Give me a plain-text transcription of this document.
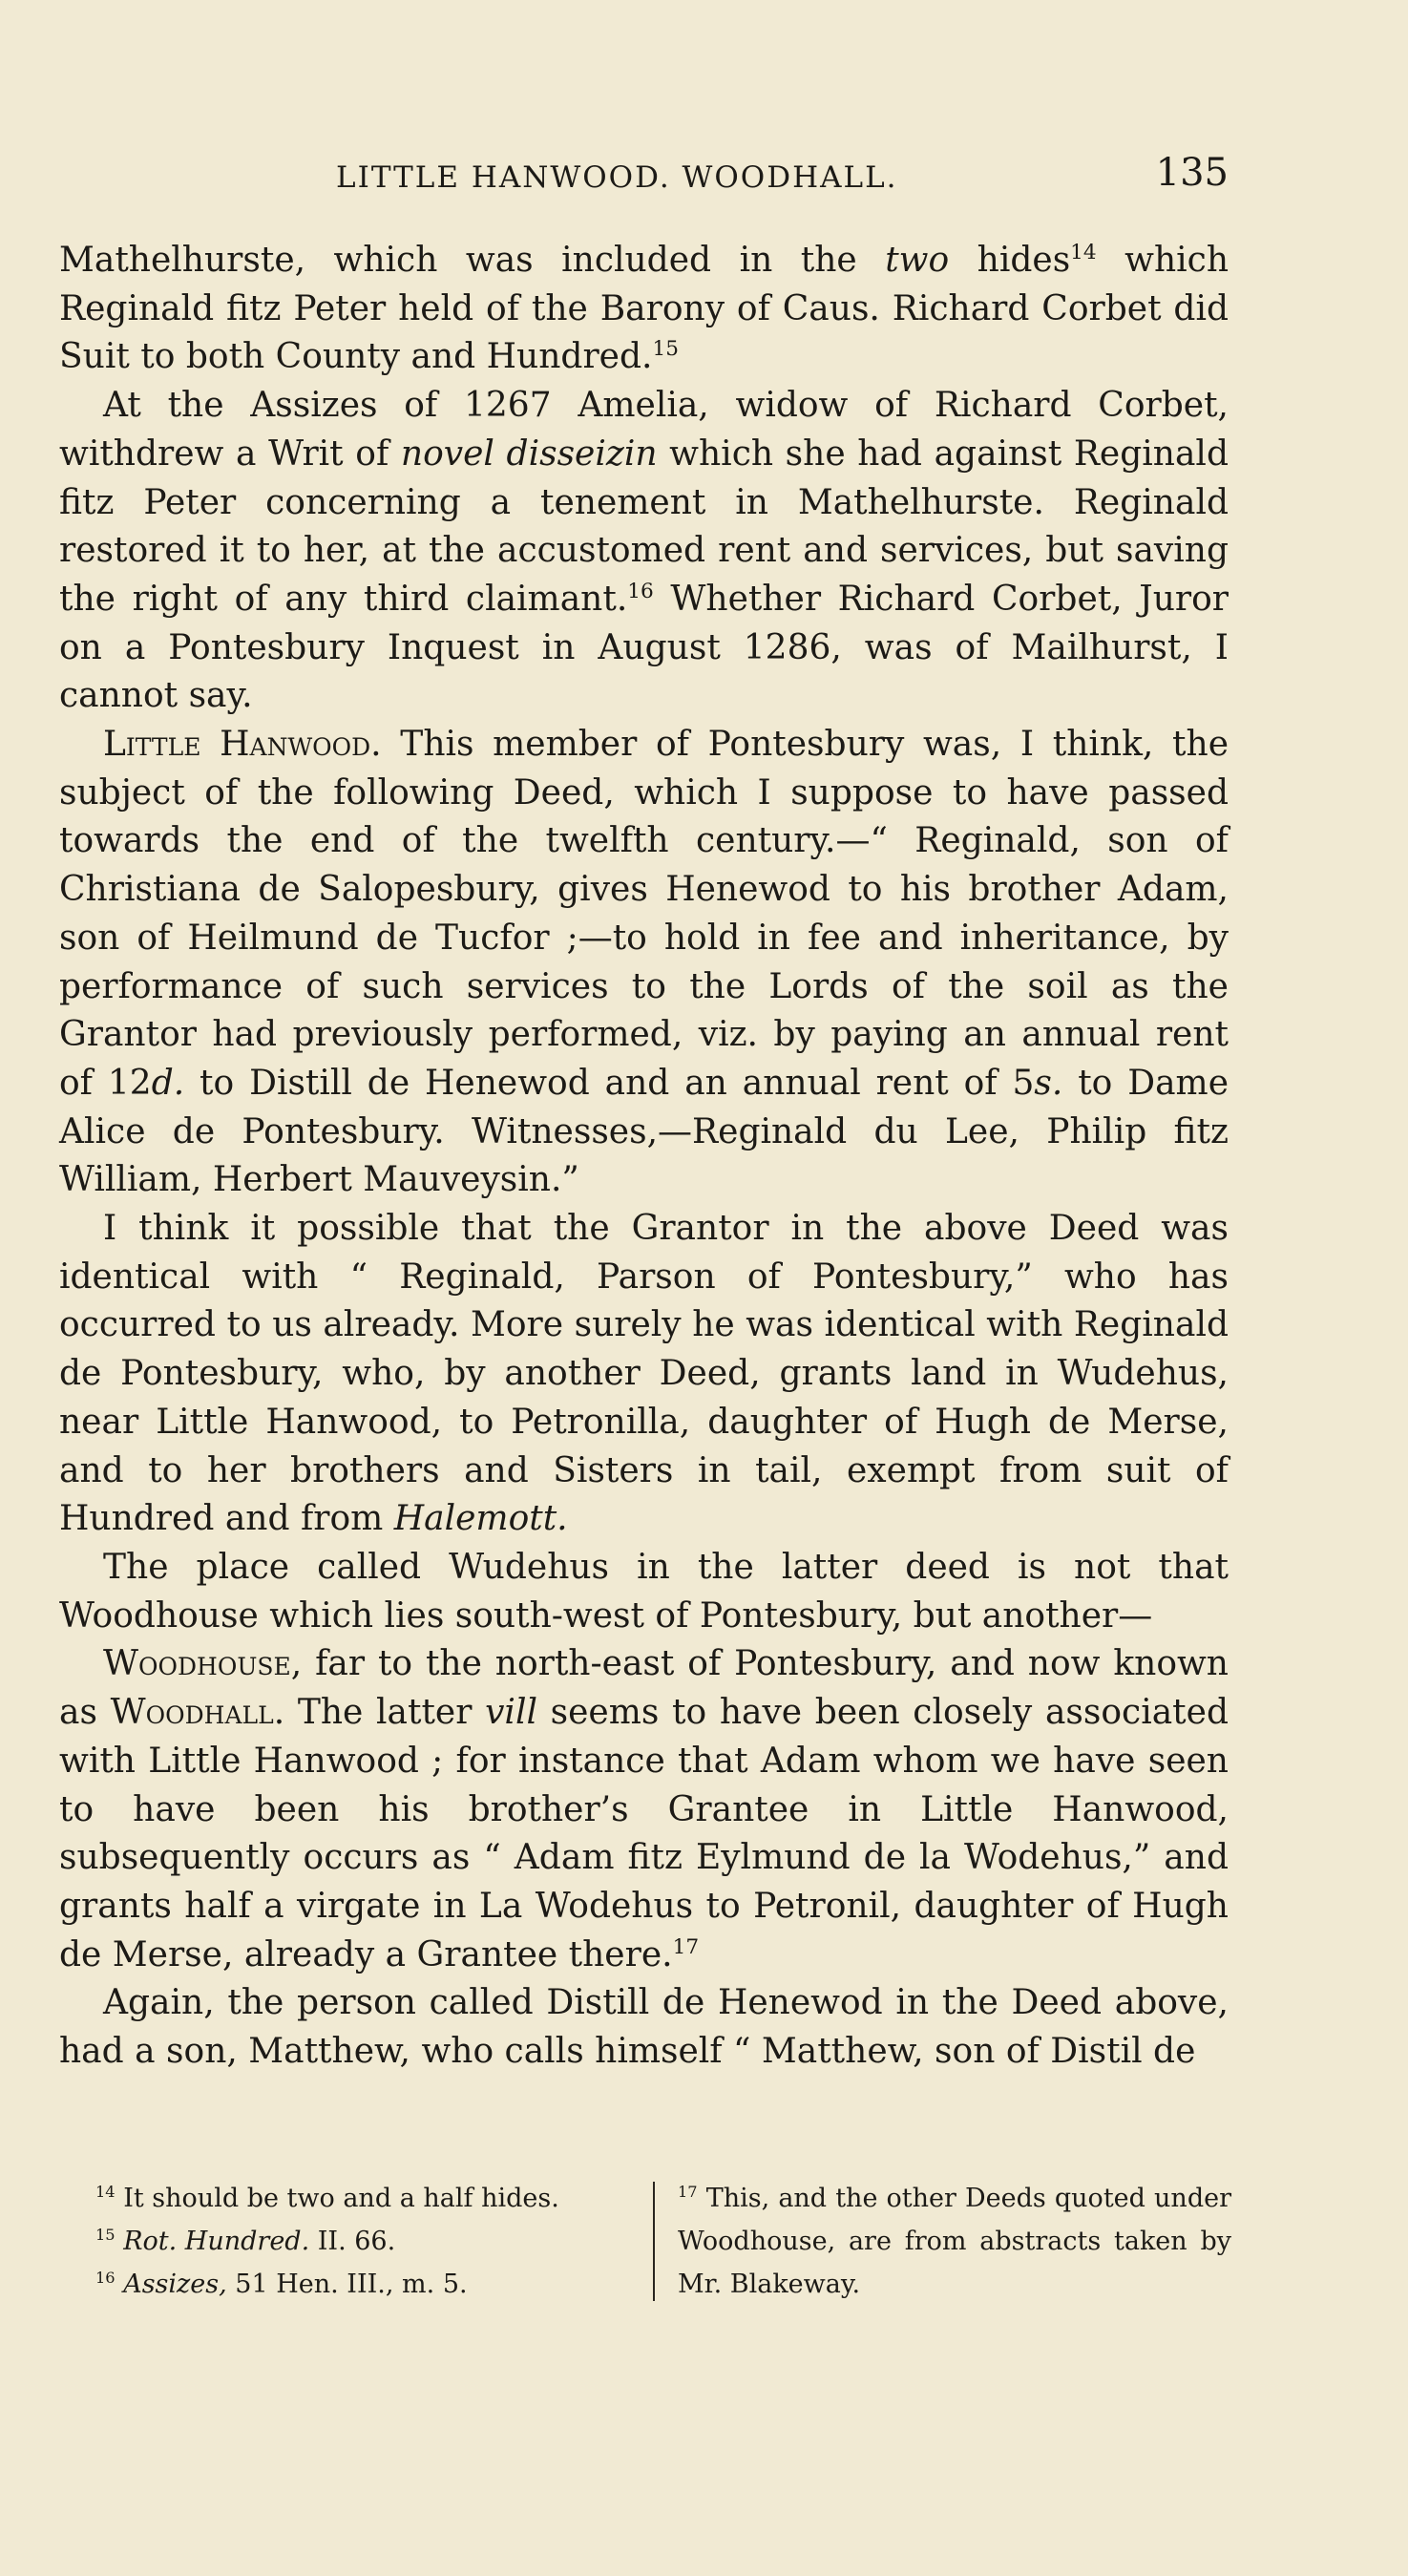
LITTLE HANWOOD. WOODHALL.	135

Mathelhurste, which was included in the two hides$^{14}$ which Reginald fitz Peter held of the Barony of Caus. Richard Corbet did Suit to both County and Hundred.$^{15}$

At the Assizes of 1267 Amelia, widow of Richard Corbet, withdrew a Writ of novel disseizin which she had against Reginald fitz Peter concerning a tenement in Mathelhurste. Reginald restored it to her, at the accustomed rent and services, but saving the right of any third claimant.$^{16}$ Whether Richard Corbet, Juror on a Pontesbury Inquest in August 1286, was of Mailhurst, I cannot say.

Little Hanwood. This member of Pontesbury was, I think, the subject of the following Deed, which I suppose to have passed towards the end of the twelfth century.—“ Reginald, son of Christiana de Salopesbury, gives Henewod to his brother Adam, son of Heilmund de Tucfor ;—to hold in fee and inheritance, by performance of such services to the Lords of the soil as the Grantor had previously performed, viz. by paying an annual rent of 12d. to Distill de Henewod and an annual rent of 5s. to Dame Alice de Pontesbury. Witnesses,—Reginald du Lee, Philip fitz William, Herbert Mauveysin.”

I think it possible that the Grantor in the above Deed was identical with “ Reginald, Parson of Pontesbury,” who has occurred to us already. More surely he was identical with Reginald de Pontesbury, who, by another Deed, grants land in Wudehus, near Little Hanwood, to Petronilla, daughter of Hugh de Merse, and to her brothers and Sisters in tail, exempt from suit of Hundred and from Halemott.

The place called Wudehus in the latter deed is not that Woodhouse which lies south-west of Pontesbury, but another—

Woodhouse, far to the north-east of Pontesbury, and now known as Woodhall. The latter vill seems to have been closely associated with Little Hanwood ; for instance that Adam whom we have seen to have been his brother’s Grantee in Little Hanwood, subsequently occurs as “ Adam fitz Eylmund de la Wodehus,” and grants half a virgate in La Wodehus to Petronil, daughter of Hugh de Merse, already a Grantee there.$^{17}$

Again, the person called Distill de Henewod in the Deed above, had a son, Matthew, who calls himself “ Matthew, son of Distil de

$^{14}$ It should be two and a half hides.
$^{15}$ Rot. Hundred. II. 66.
$^{16}$ Assizes, 51 Hen. III., m. 5.
$^{17}$ This, and the other Deeds quoted under Woodhouse, are from abstracts taken by Mr. Blakeway.
